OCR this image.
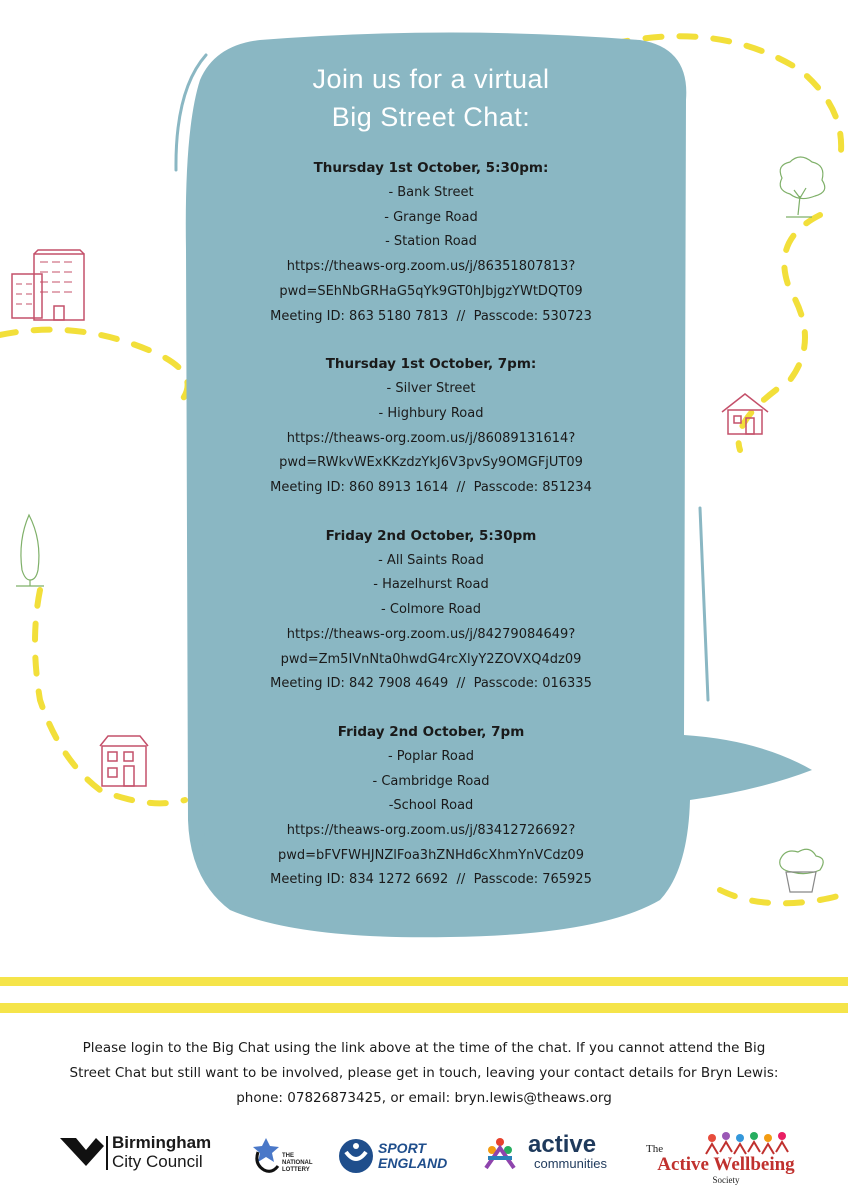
Join us for a virtual
Big Street Chat:
Thursday 1st October, 5:30pm:
- Bank Street
- Grange Road
- Station Road
https://theaws-org.zoom.us/j/86351807813?
pwd=SEhNbGRHaG5qYk9GT0hJbjgzYWtDQT09
Meeting ID: 863 5180 7813  //  Passcode: 530723
Thursday 1st October, 7pm:
- Silver Street
- Highbury Road
https://theaws-org.zoom.us/j/86089131614?
pwd=RWkvWExKKzdzYkJ6V3pvSy9OMGFjUT09
Meeting ID: 860 8913 1614  //  Passcode: 851234
Friday 2nd October, 5:30pm
- All Saints Road
- Hazelhurst Road
- Colmore Road
https://theaws-org.zoom.us/j/84279084649?
pwd=Zm5IVnNta0hwdG4rcXlyY2ZOVXQ4dz09
Meeting ID: 842 7908 4649  //  Passcode: 016335
Friday 2nd October, 7pm
- Poplar Road
- Cambridge Road
-School Road
https://theaws-org.zoom.us/j/83412726692?
pwd=bFVFWHJNZlFoa3hZNHd6cXhmYnVCdz09
Meeting ID: 834 1272 6692  //  Passcode: 765925
Please login to the Big Chat using the link above at the time of the chat. If you cannot attend the Big
Street Chat but still want to be involved, please get in touch, leaving your contact details for Bryn Lewis:
phone: 07826873425, or email: bryn.lewis@theaws.org
Birmingham
City Council	THE
NATIONAL
LOTTERY
SPORT
ENGLAND
active
communities
The
Active Wellbeing
Society
